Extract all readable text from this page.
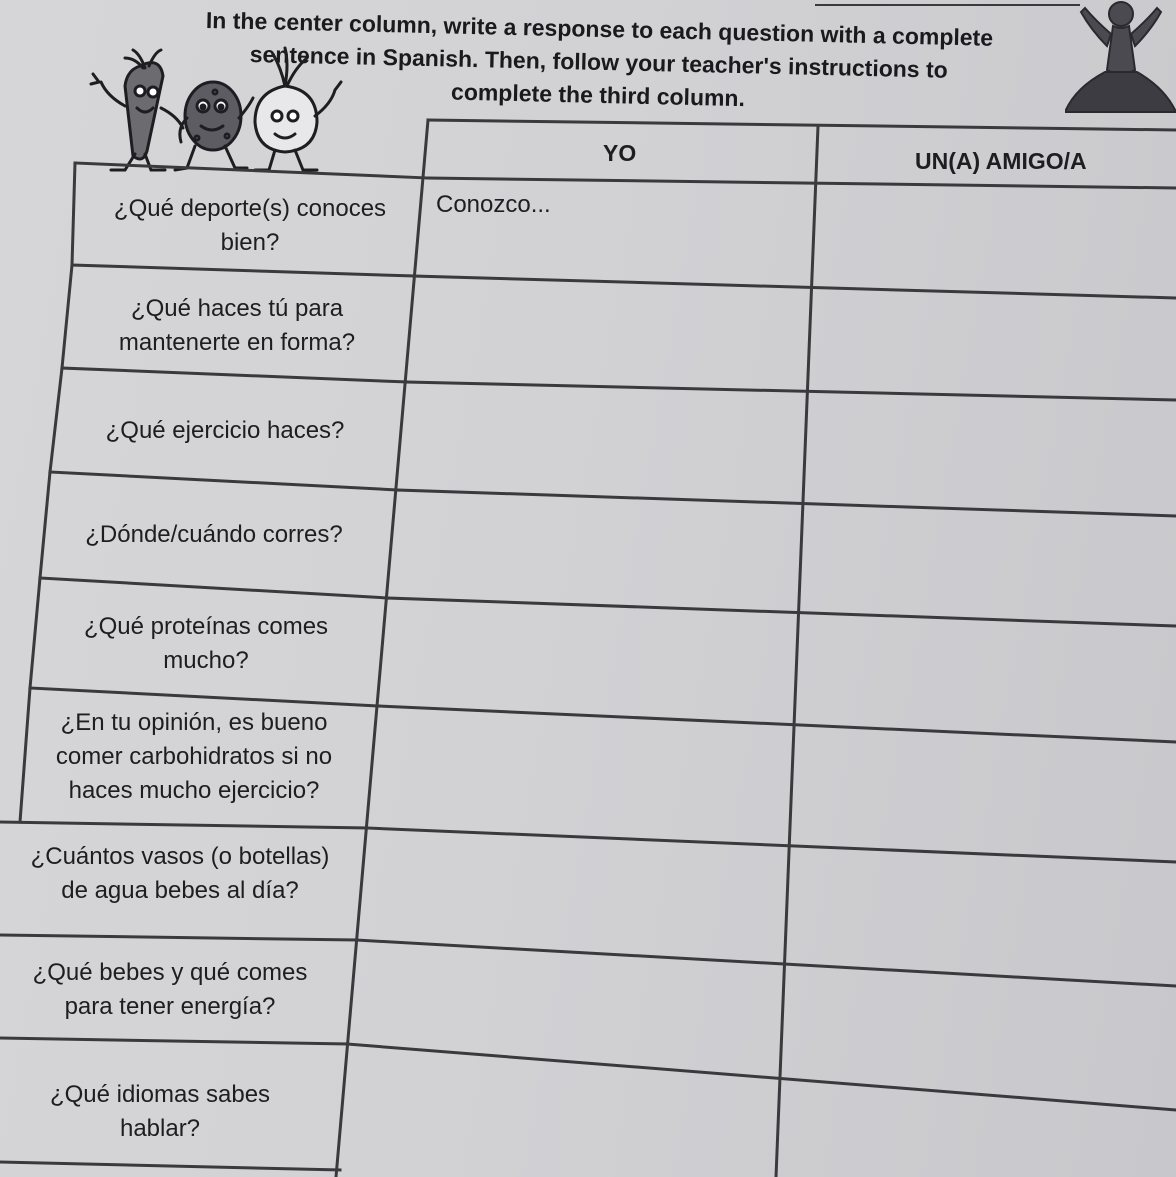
In the center column, write a response to each question with a complete
sentence in Spanish. Then, follow your teacher's instructions to
complete the third column.
YO	UN(A) AMIGO/A
¿Qué deporte(s) conoces
bien?
Conozco...
¿Qué haces tú para
mantenerte en forma?
¿Qué ejercicio haces?
¿Dónde/cuándo corres?
¿Qué proteínas comes
mucho?
¿En tu opinión, es bueno
comer carbohidratos si no
haces mucho ejercicio?
¿Cuántos vasos (o botellas)
de agua bebes al día?
¿Qué bebes y qué comes
para tener energía?
¿Qué idiomas sabes
hablar?
